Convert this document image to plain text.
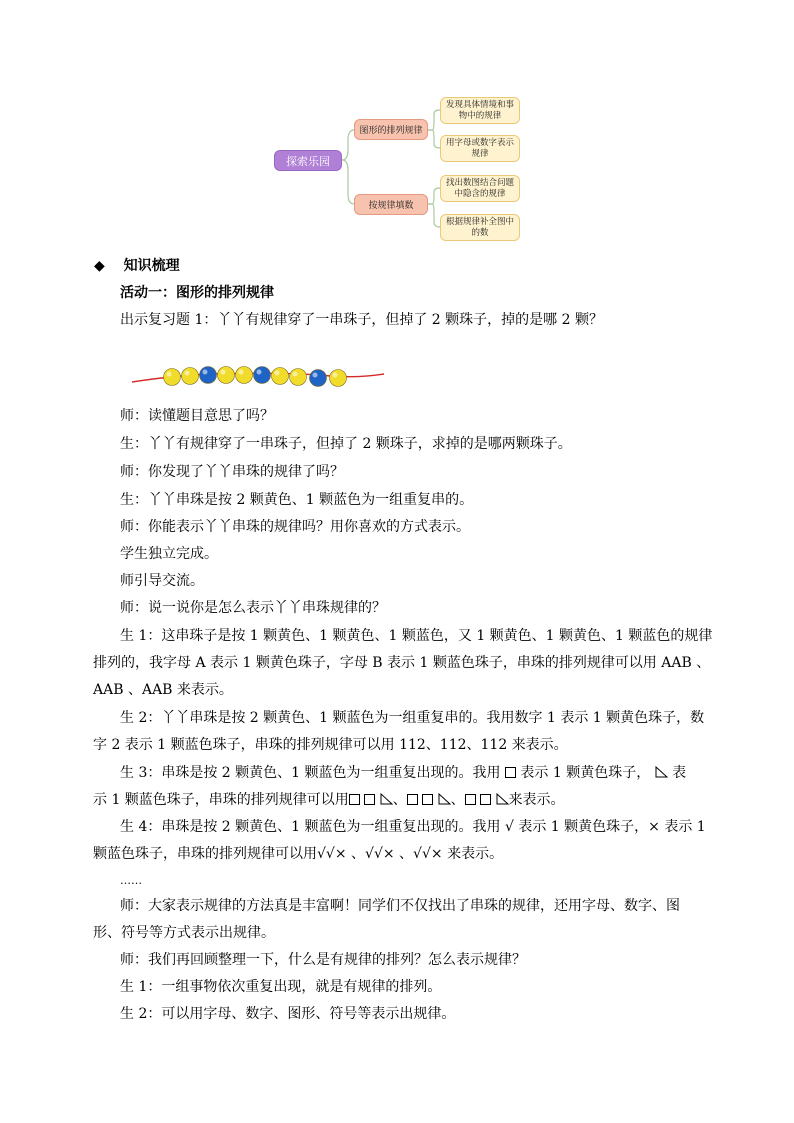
探索乐园
图形的排列规律
按规律填数
发现具体情境和事物中的规律
用字母或数字表示规律
找出数图结合问题中隐含的规律
根据规律补全图中的数
◆ 知识梳理
活动一：图形的排列规律
出示复习题 1：丫丫有规律穿了一串珠子，但掉了 2 颗珠子，掉的是哪 2 颗？
师：读懂题目意思了吗？
生：丫丫有规律穿了一串珠子，但掉了 2 颗珠子，求掉的是哪两颗珠子。
师：你发现了丫丫串珠的规律了吗？
生：丫丫串珠是按 2 颗黄色、1 颗蓝色为一组重复串的。
师：你能表示丫丫串珠的规律吗？用你喜欢的方式表示。
学生独立完成。
师引导交流。
师：说一说你是怎么表示丫丫串珠规律的？
生 1：这串珠子是按 1 颗黄色、1 颗黄色、1 颗蓝色，又 1 颗黄色、1 颗黄色、1 颗蓝色的规律
排列的，我字母 A 表示 1 颗黄色珠子，字母 B 表示 1 颗蓝色珠子，串珠的排列规律可以用 AAB 、
AAB 、AAB 来表示。
生 2：丫丫串珠是按 2 颗黄色、1 颗蓝色为一组重复串的。我用数字 1 表示 1 颗黄色珠子，数
字 2 表示 1 颗蓝色珠子，串珠的排列规律可以用 112、112、112 来表示。
生 3：串珠是按 2 颗黄色、1 颗蓝色为一组重复出现的。我用  表示 1 颗黄色珠子，  表
示 1 颗蓝色珠子，串珠的排列规律可以用	、	、	来表示。
生 4：串珠是按 2 颗黄色、1 颗蓝色为一组重复出现的。我用 √ 表示 1 颗黄色珠子，× 表示 1
颗蓝色珠子，串珠的排列规律可以用√√× 、√√× 、√√× 来表示。
……
师：大家表示规律的方法真是丰富啊！同学们不仅找出了串珠的规律，还用字母、数字、图
形、符号等方式表示出规律。
师：我们再回顾整理一下，什么是有规律的排列？怎么表示规律？
生 1：一组事物依次重复出现，就是有规律的排列。
生 2：可以用字母、数字、图形、符号等表示出规律。
